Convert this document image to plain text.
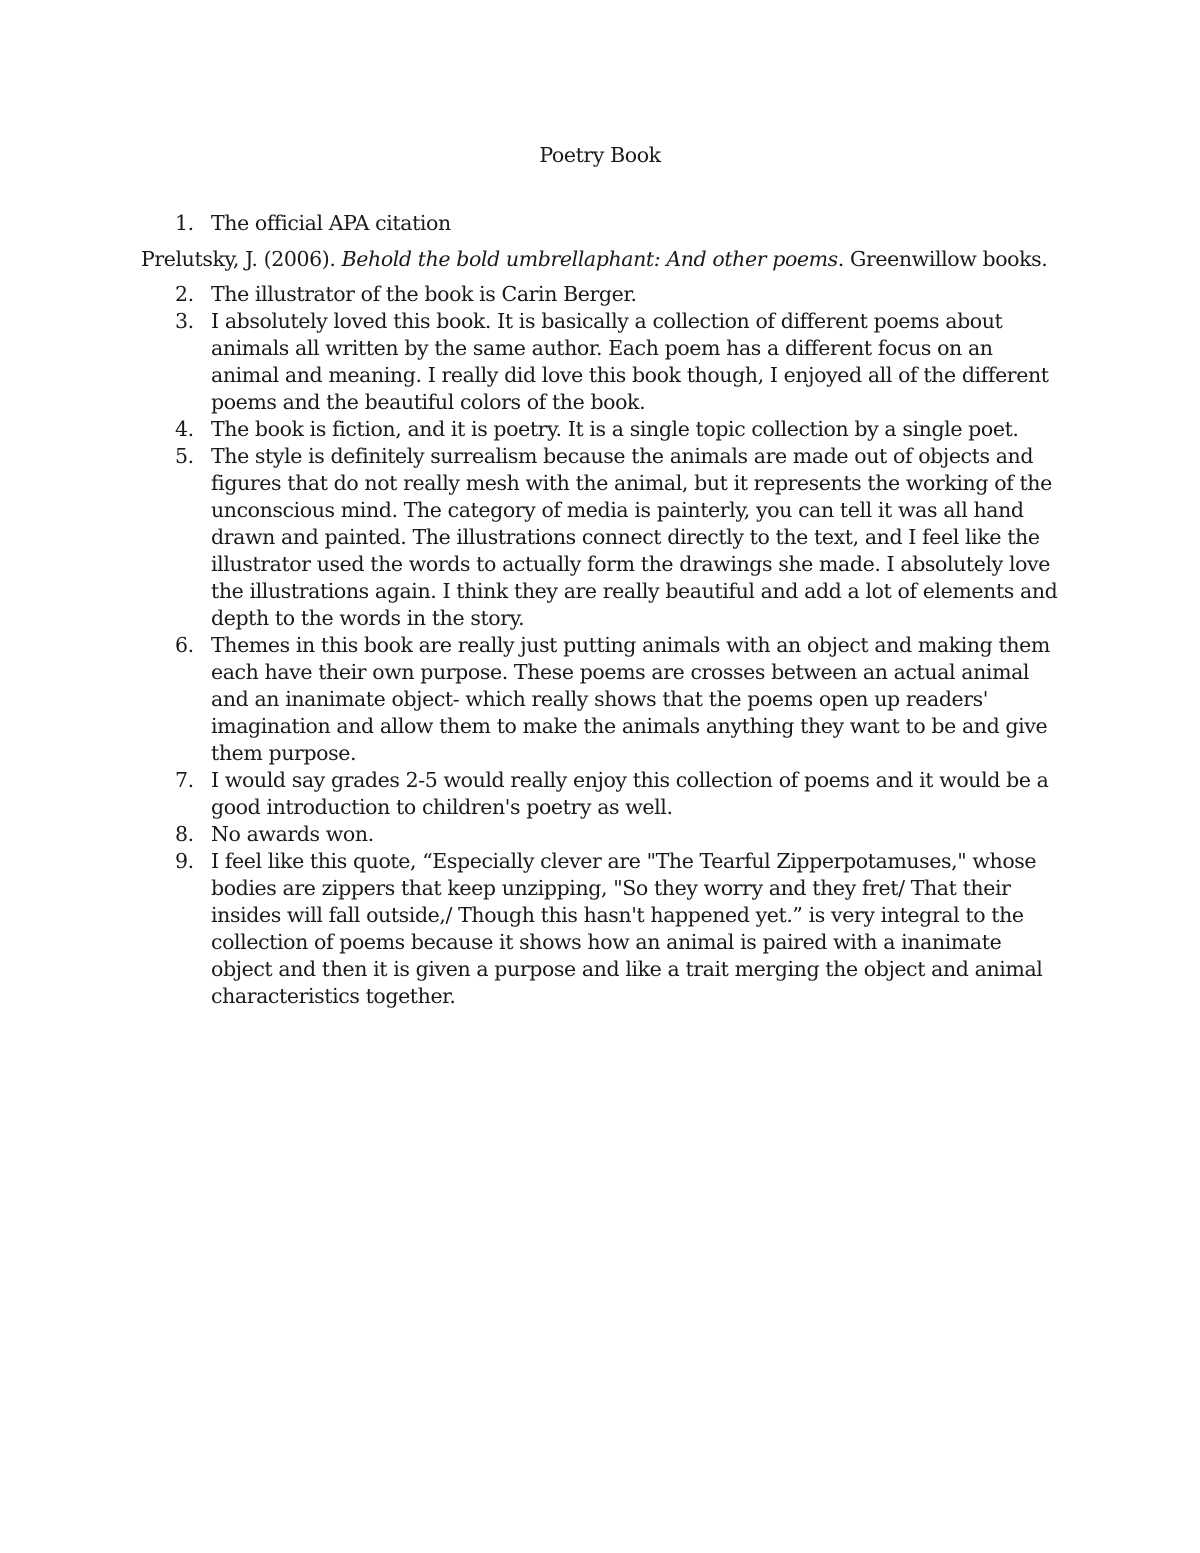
Poetry Book
1. The official APA citation

Prelutsky, J. (2006). Behold the bold umbrellaphant: And other poems. Greenwillow books.

2. The illustrator of the book is Carin Berger.
3. I absolutely loved this book. It is basically a collection of different poems about animals all written by the same author. Each poem has a different focus on an animal and meaning. I really did love this book though, I enjoyed all of the different poems and the beautiful colors of the book.
4. The book is fiction, and it is poetry. It is a single topic collection by a single poet.
5. The style is definitely surrealism because the animals are made out of objects and figures that do not really mesh with the animal, but it represents the working of the unconscious mind. The category of media is painterly, you can tell it was all hand drawn and painted. The illustrations connect directly to the text, and I feel like the illustrator used the words to actually form the drawings she made. I absolutely love the illustrations again. I think they are really beautiful and add a lot of elements and depth to the words in the story.
6. Themes in this book are really just putting animals with an object and making them each have their own purpose. These poems are crosses between an actual animal and an inanimate object- which really shows that the poems open up readers' imagination and allow them to make the animals anything they want to be and give them purpose.
7. I would say grades 2-5 would really enjoy this collection of poems and it would be a good introduction to children's poetry as well.
8. No awards won.
9. I feel like this quote, “Especially clever are "The Tearful Zipperpotamuses," whose bodies are zippers that keep unzipping, "So they worry and they fret/ That their insides will fall outside,/ Though this hasn't happened yet.” is very integral to the collection of poems because it shows how an animal is paired with a inanimate object and then it is given a purpose and like a trait merging the object and animal characteristics together.
